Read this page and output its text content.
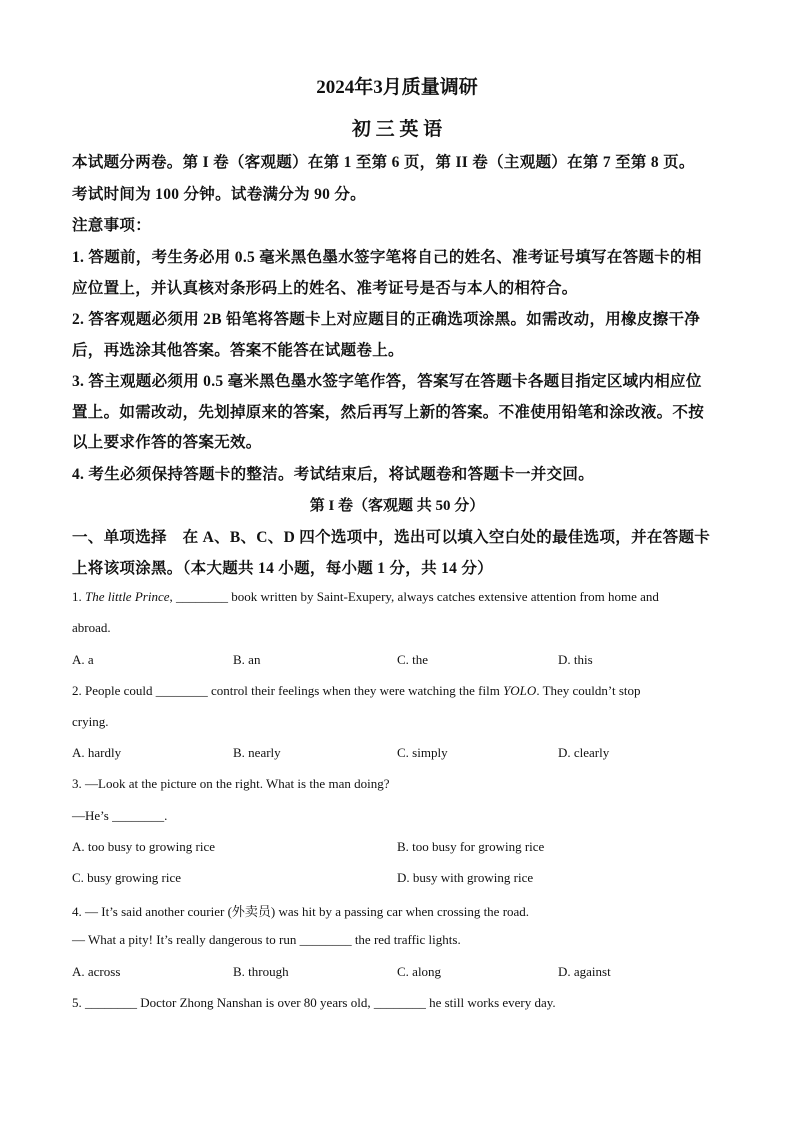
2024年3月质量调研
初 三 英 语
本试题分两卷。第 I 卷（客观题）在第 1 至第 6 页，第 II 卷（主观题）在第 7 至第 8 页。
考试时间为 100 分钟。试卷满分为 90 分。
注意事项：
1. 答题前，考生务必用 0.5 毫米黑色墨水签字笔将自己的姓名、准考证号填写在答题卡的相
应位置上，并认真核对条形码上的姓名、准考证号是否与本人的相符合。
2. 答客观题必须用 2B 铅笔将答题卡上对应题目的正确选项涂黑。如需改动，用橡皮擦干净
后，再选涂其他答案。答案不能答在试题卷上。
3. 答主观题必须用 0.5 毫米黑色墨水签字笔作答，答案写在答题卡各题目指定区域内相应位
置上。如需改动，先划掉原来的答案，然后再写上新的答案。不准使用铅笔和涂改液。不按
以上要求作答的答案无效。
4. 考生必须保持答题卡的整洁。考试结束后，将试题卷和答题卡一并交回。
第 I 卷（客观题 共 50 分）
一、单项选择　在 A、B、C、D 四个选项中，选出可以填入空白处的最佳选项，并在答题卡
上将该项涂黑。（本大题共 14 小题，每小题 1 分，共 14 分）
1. The little Prince, ________ book written by Saint-Exupery, always catches extensive attention from home and
abroad.
A. a	B. an	C. the	D. this
2. People could ________ control their feelings when they were watching the film YOLO. They couldn’t stop
crying.
A. hardly	B. nearly	C. simply	D. clearly
3. —Look at the picture on the right. What is the man doing?
—He’s ________.
A. too busy to growing rice	B. too busy for growing rice
C. busy growing rice	D. busy with growing rice
4. — It’s said another courier (外卖员) was hit by a passing car when crossing the road.
— What a pity! It’s really dangerous to run ________ the red traffic lights.
A. across	B. through	C. along	D. against
5. ________ Doctor Zhong Nanshan is over 80 years old, ________ he still works every day.
